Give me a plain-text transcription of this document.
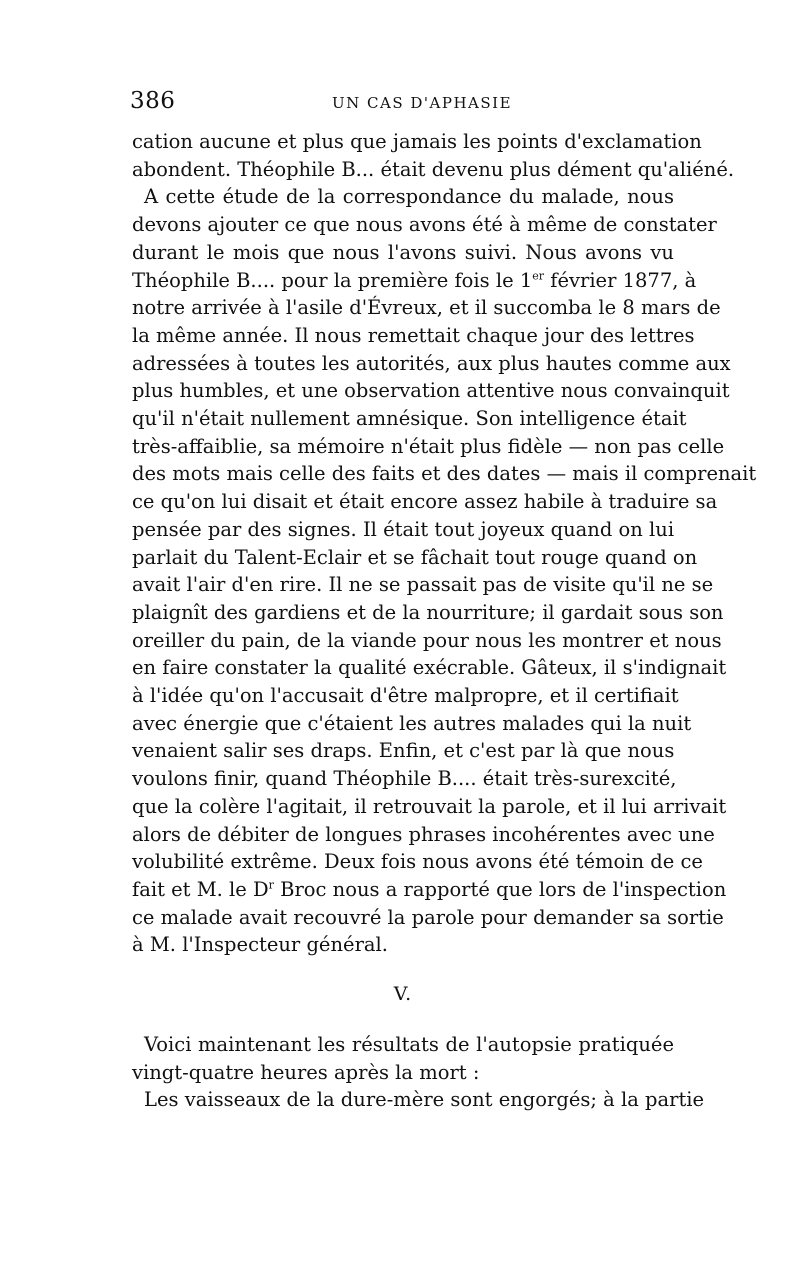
386	UN CAS D'APHASIE
cation aucune et plus que jamais les points d'exclamation
abondent. Théophile B... était devenu plus dément qu'aliéné.
A cette étude de la correspondance du malade, nous
devons ajouter ce que nous avons été à même de constater
durant le mois que nous l'avons suivi. Nous avons vu
Théophile B.... pour la première fois le 1er février 1877, à
notre arrivée à l'asile d'Évreux, et il succomba le 8 mars de
la même année. Il nous remettait chaque jour des lettres
adressées à toutes les autorités, aux plus hautes comme aux
plus humbles, et une observation attentive nous convainquit
qu'il n'était nullement amnésique. Son intelligence était
très-affaiblie, sa mémoire n'était plus fidèle — non pas celle
des mots mais celle des faits et des dates — mais il comprenait
ce qu'on lui disait et était encore assez habile à traduire sa
pensée par des signes. Il était tout joyeux quand on lui
parlait du Talent-Eclair et se fâchait tout rouge quand on
avait l'air d'en rire. Il ne se passait pas de visite qu'il ne se
plaignît des gardiens et de la nourriture; il gardait sous son
oreiller du pain, de la viande pour nous les montrer et nous
en faire constater la qualité exécrable. Gâteux, il s'indignait
à l'idée qu'on l'accusait d'être malpropre, et il certifiait
avec énergie que c'étaient les autres malades qui la nuit
venaient salir ses draps. Enfin, et c'est par là que nous
voulons finir, quand Théophile B.... était très-surexcité,
que la colère l'agitait, il retrouvait la parole, et il lui arrivait
alors de débiter de longues phrases incohérentes avec une
volubilité extrême. Deux fois nous avons été témoin de ce
fait et M. le $D^r$ Broc nous a rapporté que lors de l'inspection
ce malade avait recouvré la parole pour demander sa sortie
à M. l'Inspecteur général.
V.
Voici maintenant les résultats de l'autopsie pratiquée
vingt-quatre heures après la mort :
Les vaisseaux de la dure-mère sont engorgés; à la partie
